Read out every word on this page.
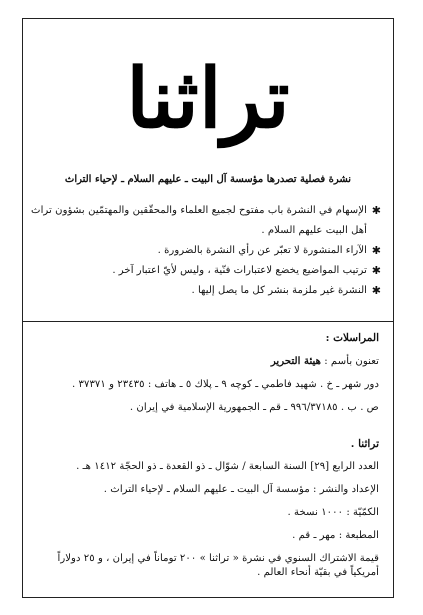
تراثنا
نشرة فصلية تصدرها مؤسسة آل البيت ـ عليهم السلام ـ لإحياء التراث
✱
الإسهام في النشرة باب مفتوح لجميع العلماء والمحقّقين والمهتمّين بشؤون تراث أهل البيت عليهم السلام .
✱
الآراء المنشورة لا تعبّر عن رأي النشرة بالضرورة .
✱
ترتيب المواضيع يخضع لاعتبارات فنّية ، وليس لأيّ اعتبار آخر .
✱
النشرة غير ملزمة بنشر كل ما يصل إليها .
المراسلات :
تعنون بأسم : هيئة التحرير
دور شهر ـ خ . شهيد فاطمي ـ كوچه ٩ ـ پلاك ٥ ـ هاتف : ٢٣٤٣٥ و ٣٧٣٧١ .
ص . ب . ٩٩٦/٣٧١٨٥ ـ قم ـ الجمهورية الإسلامية في إيران .
تراثنا .
العدد الرابع [٢٩] السنة السابعة / شوّال ـ ذو القعدة ـ ذو الحجّة ١٤١٢ هـ .
الإعداد والنشر : مؤسسة آل البيت ـ عليهم السلام ـ لإحياء التراث .
الكمّيّة : ١٠٠٠ نسخة .
المطبعة : مهر ـ قم .
قيمة الاشتراك السنوي في نشرة « تراثنا » ٢٠٠ توماناً في إيران ، و ٢٥ دولاراً أمريكياً في بقيّة أنحاء العالم .
